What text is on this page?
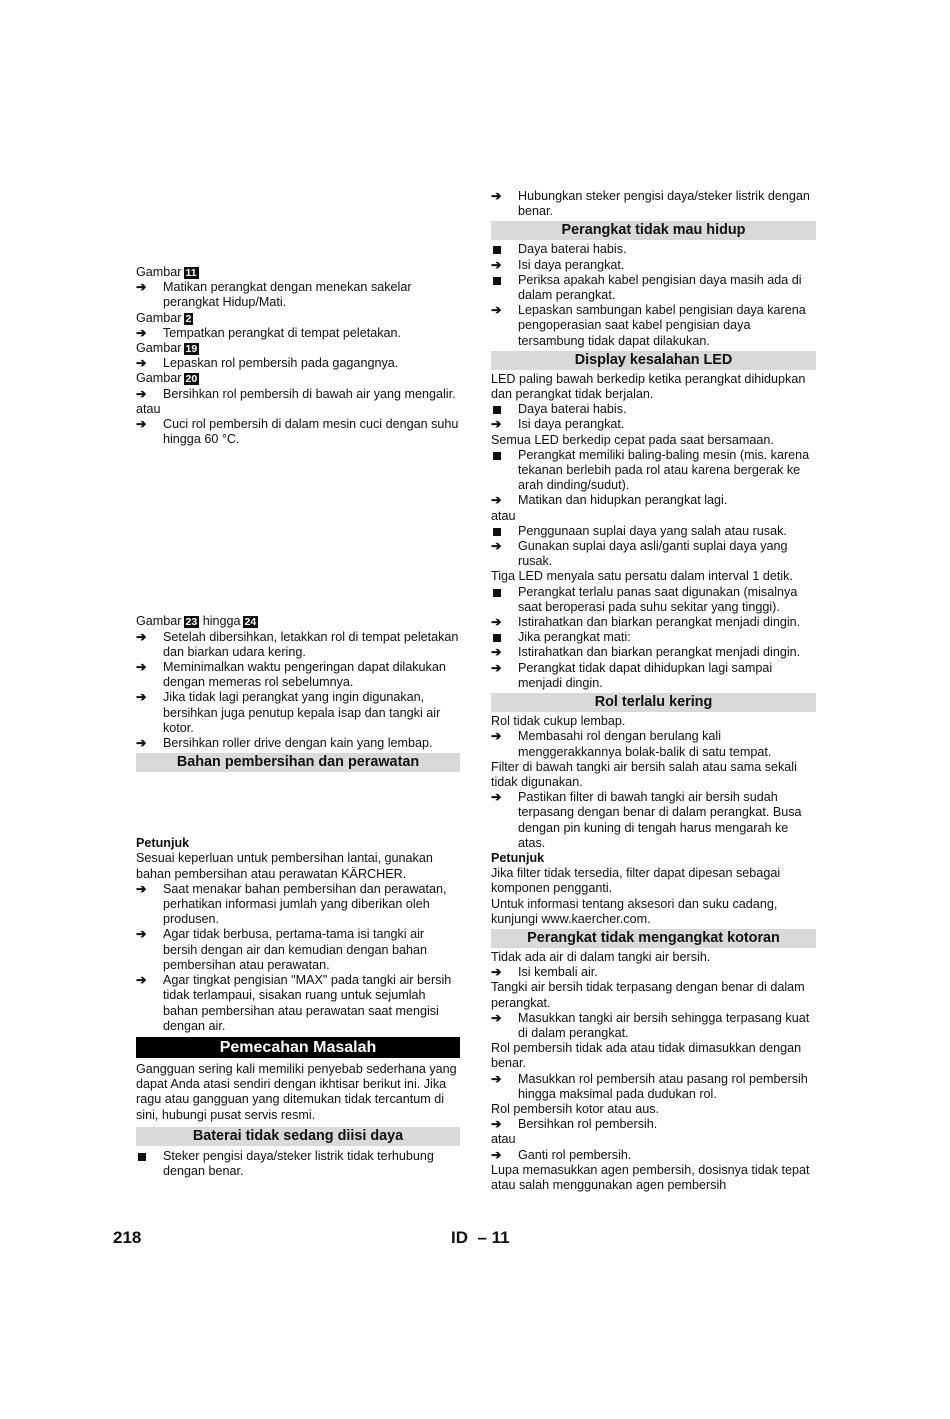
Gambar 11
➔	Matikan perangkat dengan menekan sakelar perangkat Hidup/Mati.
Gambar 2
➔	Tempatkan perangkat di tempat peletakan.
Gambar 19
➔	Lepaskan rol pembersih pada gagangnya.
Gambar 20
➔	Bersihkan rol pembersih di bawah air yang mengalir.
atau
➔	Cuci rol pembersih di dalam mesin cuci dengan suhu hingga 60 °C.
Gambar 23 hingga 24
➔	Setelah dibersihkan, letakkan rol di tempat peletakan dan biarkan udara kering.
➔	Meminimalkan waktu pengeringan dapat dilakukan dengan memeras rol sebelumnya.
➔	Jika tidak lagi perangkat yang ingin digunakan, bersihkan juga penutup kepala isap dan tangki air kotor.
➔	Bersihkan roller drive dengan kain yang lembap.
Bahan pembersihan dan perawatan
Petunjuk
Sesuai keperluan untuk pembersihan lantai, gunakan bahan pembersihan atau perawatan KÄRCHER.
➔	Saat menakar bahan pembersihan dan perawatan, perhatikan informasi jumlah yang diberikan oleh produsen.
➔	Agar tidak berbusa, pertama-tama isi tangki air bersih dengan air dan kemudian dengan bahan pembersihan atau perawatan.
➔	Agar tingkat pengisian "MAX" pada tangki air bersih tidak terlampaui, sisakan ruang untuk sejumlah bahan pembersihan atau perawatan saat mengisi dengan air.
Pemecahan Masalah
Gangguan sering kali memiliki penyebab sederhana yang dapat Anda atasi sendiri dengan ikhtisar berikut ini. Jika ragu atau gangguan yang ditemukan tidak tercantum di sini, hubungi pusat servis resmi.
Baterai tidak sedang diisi daya
Steker pengisi daya/steker listrik tidak terhubung dengan benar.
➔	Hubungkan steker pengisi daya/steker listrik dengan benar.
Perangkat tidak mau hidup
Daya baterai habis.
➔	Isi daya perangkat.
Periksa apakah kabel pengisian daya masih ada di dalam perangkat.
➔	Lepaskan sambungan kabel pengisian daya karena pengoperasian saat kabel pengisian daya tersambung tidak dapat dilakukan.
Display kesalahan LED
LED paling bawah berkedip ketika perangkat dihidupkan dan perangkat tidak berjalan.
Daya baterai habis.
➔	Isi daya perangkat.
Semua LED berkedip cepat pada saat bersamaan.
Perangkat memiliki baling-baling mesin (mis. karena tekanan berlebih pada rol atau karena bergerak ke arah dinding/sudut).
➔	Matikan dan hidupkan perangkat lagi.
atau
Penggunaan suplai daya yang salah atau rusak.
➔	Gunakan suplai daya asli/ganti suplai daya yang rusak.
Tiga LED menyala satu persatu dalam interval 1 detik.
Perangkat terlalu panas saat digunakan (misalnya saat beroperasi pada suhu sekitar yang tinggi).
➔	Istirahatkan dan biarkan perangkat menjadi dingin.
Jika perangkat mati:
➔	Istirahatkan dan biarkan perangkat menjadi dingin.
➔	Perangkat tidak dapat dihidupkan lagi sampai menjadi dingin.
Rol terlalu kering
Rol tidak cukup lembap.
➔	Membasahi rol dengan berulang kali menggerakkannya bolak-balik di satu tempat.
Filter di bawah tangki air bersih salah atau sama sekali tidak digunakan.
➔	Pastikan filter di bawah tangki air bersih sudah terpasang dengan benar di dalam perangkat. Busa dengan pin kuning di tengah harus mengarah ke atas.
Petunjuk
Jika filter tidak tersedia, filter dapat dipesan sebagai komponen pengganti.
Untuk informasi tentang aksesori dan suku cadang, kunjungi www.kaercher.com.
Perangkat tidak mengangkat kotoran
Tidak ada air di dalam tangki air bersih.
➔	Isi kembali air.
Tangki air bersih tidak terpasang dengan benar di dalam perangkat.
➔	Masukkan tangki air bersih sehingga terpasang kuat di dalam perangkat.
Rol pembersih tidak ada atau tidak dimasukkan dengan benar.
➔	Masukkan rol pembersih atau pasang rol pembersih hingga maksimal pada dudukan rol.
Rol pembersih kotor atau aus.
➔	Bersihkan rol pembersih.
atau
➔	Ganti rol pembersih.
Lupa memasukkan agen pembersih, dosisnya tidak tepat atau salah menggunakan agen pembersih
218	ID – 11
